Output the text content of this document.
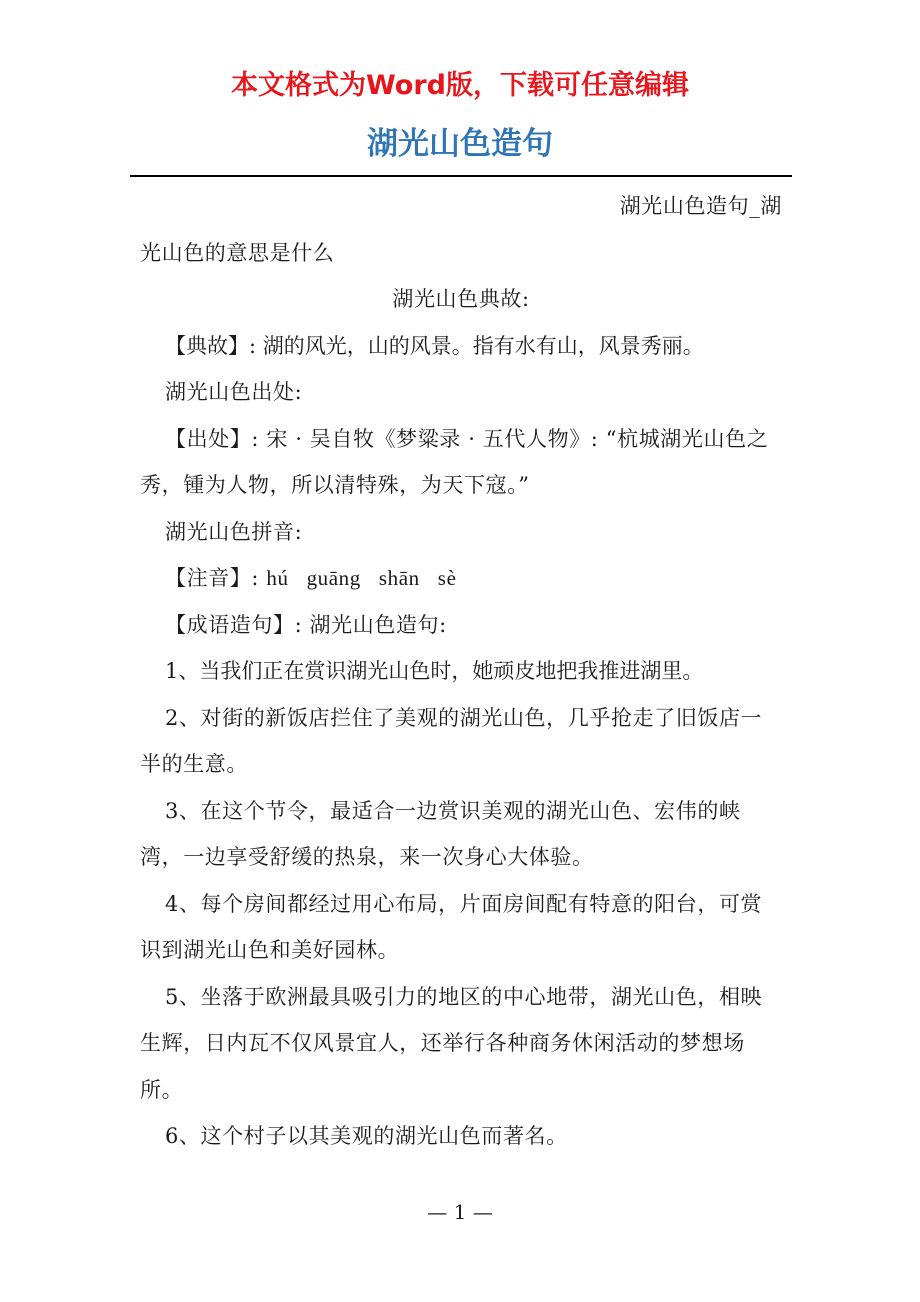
本文格式为Word版，下载可任意编辑
湖光山色造句

湖光山色造句_湖

光山色的意思是什么

湖光山色典故:

【典故】: 湖的风光，山的风景。指有水有山，风景秀丽。

湖光山色出处:

【出处】: 宋 · 吴自牧《梦粱录 · 五代人物》: “杭城湖光山色之秀，锺为人物，所以清特殊，为天下寇。”

湖光山色拼音:

【注音】: hú guāng shān sè

【成语造句】: 湖光山色造句:

1、当我们正在赏识湖光山色时，她顽皮地把我推进湖里。

2、对街的新饭店拦住了美观的湖光山色，几乎抢走了旧饭店一半的生意。

3、在这个节令，最适合一边赏识美观的湖光山色、宏伟的峡湾，一边享受舒缓的热泉，来一次身心大体验。

4、每个房间都经过用心布局，片面房间配有特意的阳台，可赏识到湖光山色和美好园林。

5、坐落于欧洲最具吸引力的地区的中心地带，湖光山色，相映生辉，日内瓦不仅风景宜人，还举行各种商务休闲活动的梦想场所。

6、这个村子以其美观的湖光山色而著名。

— 1 —
